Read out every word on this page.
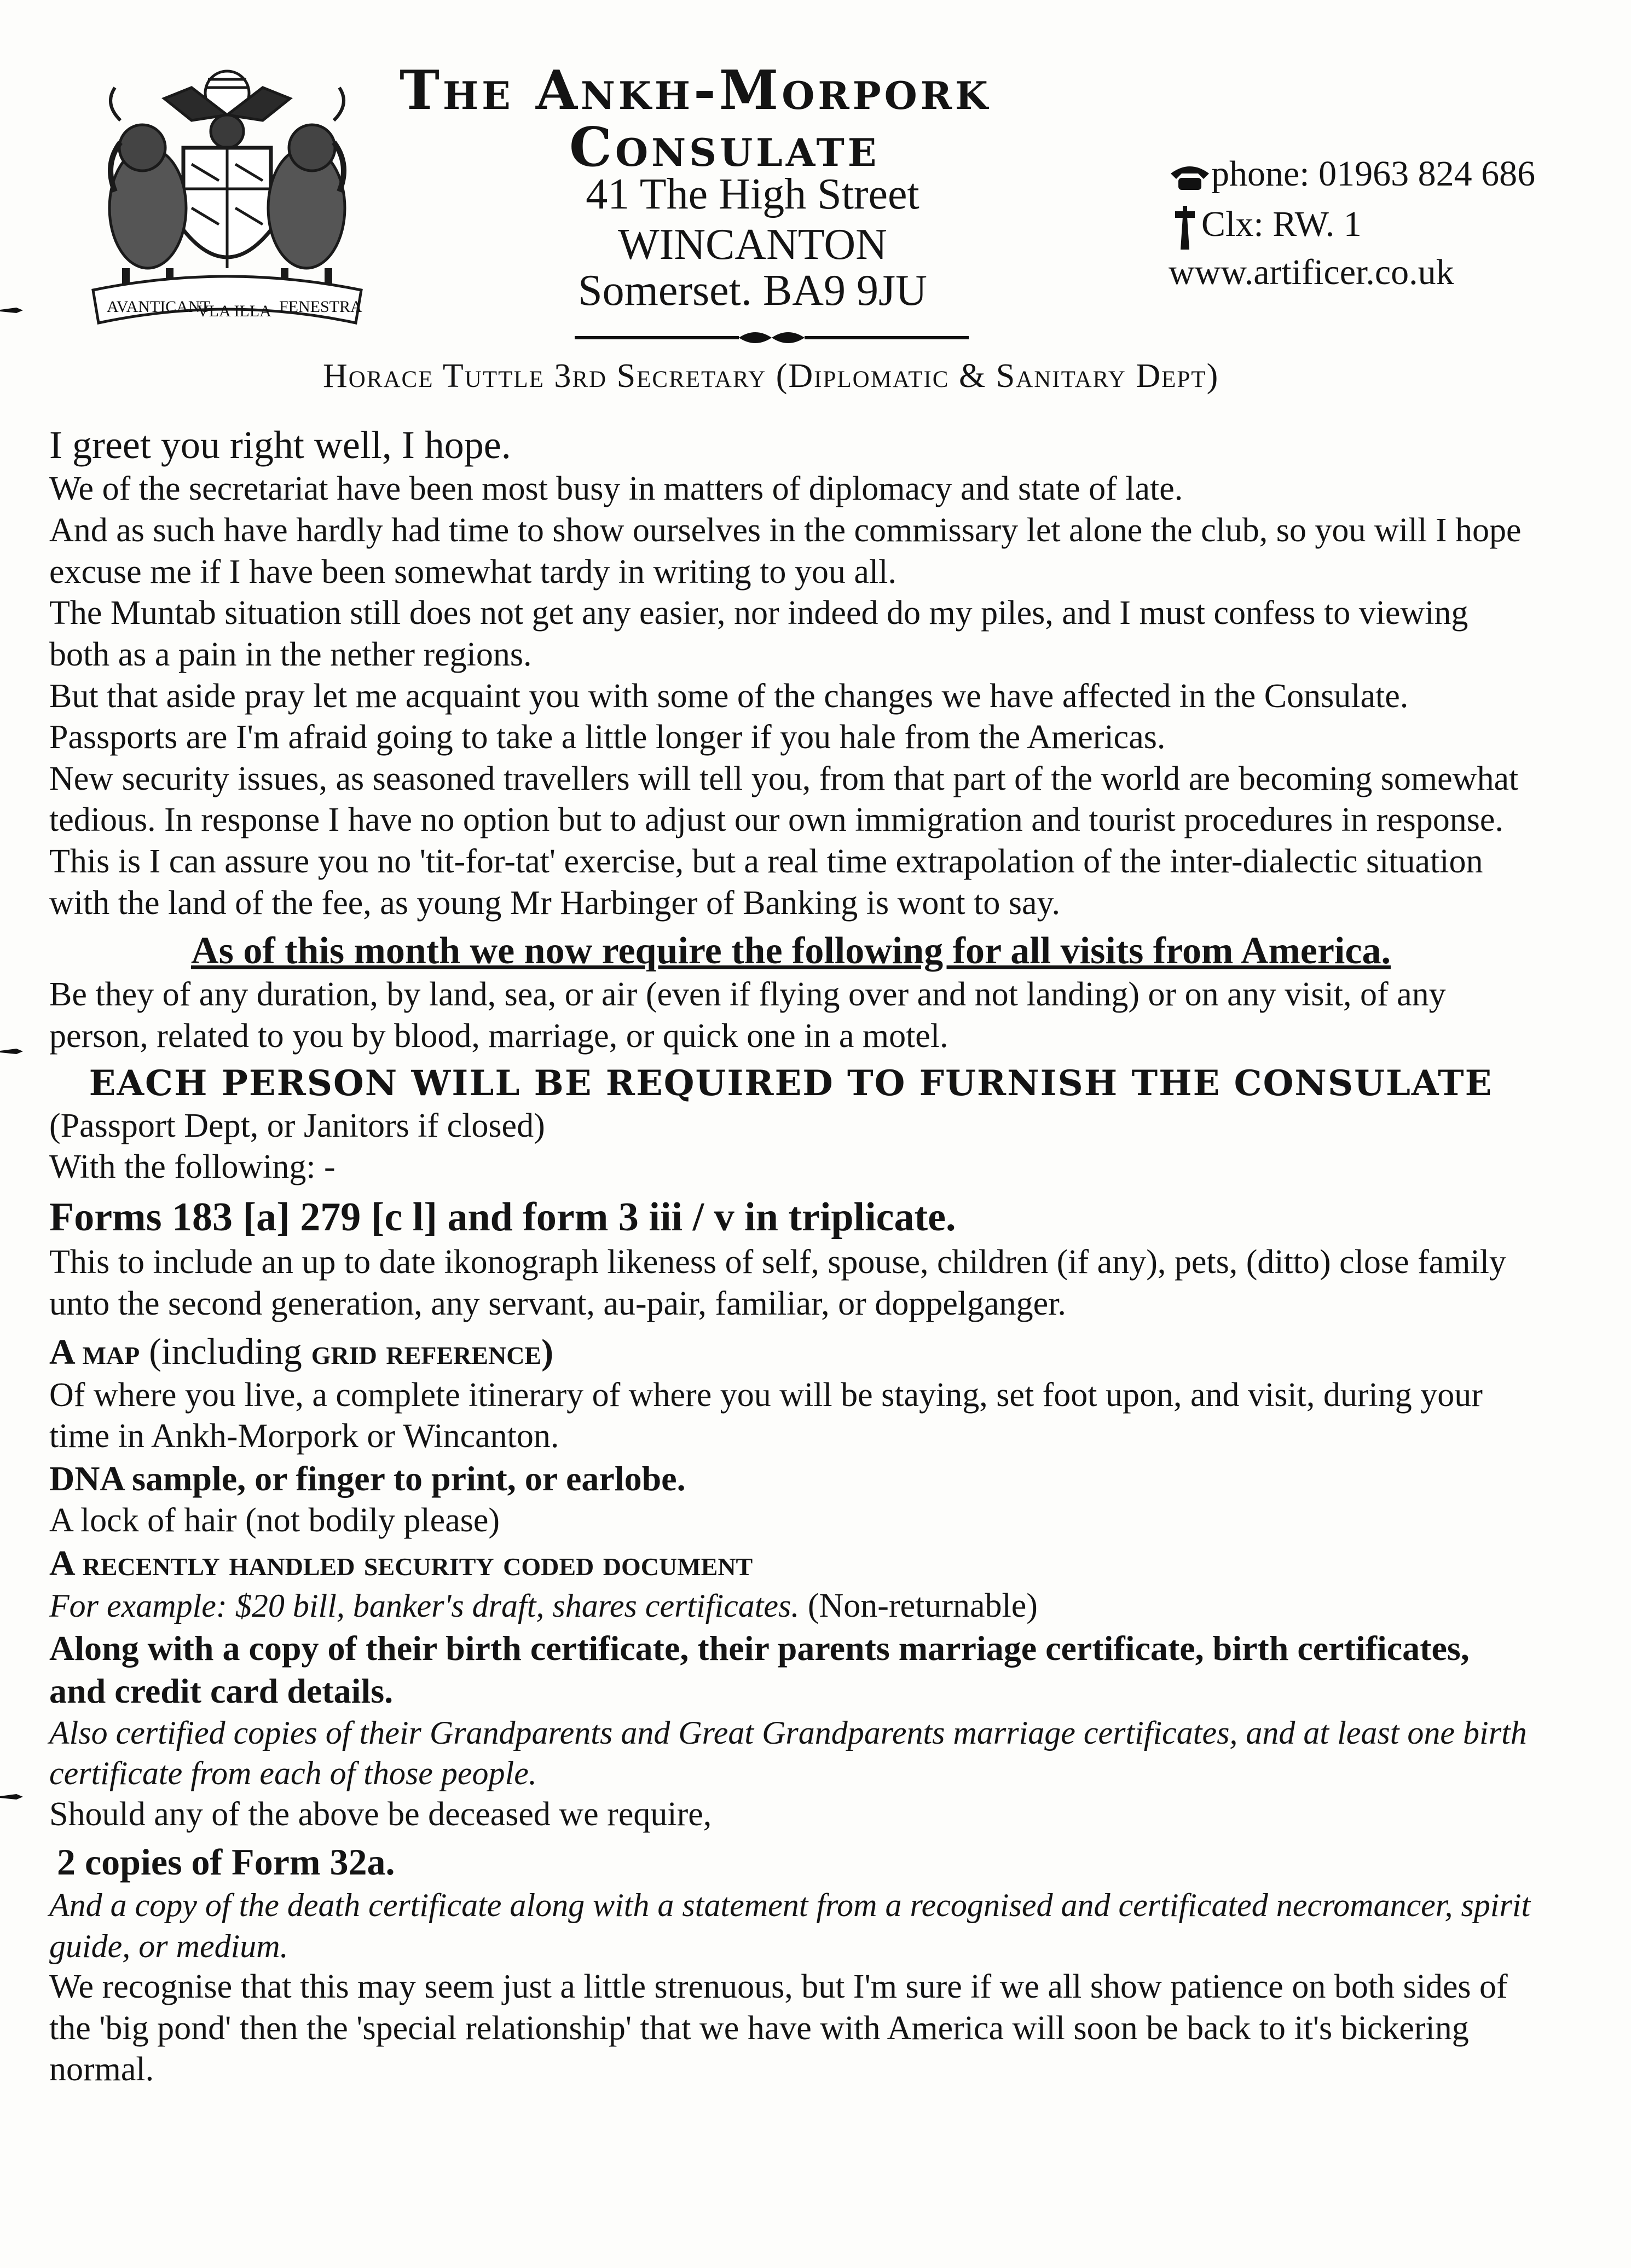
AVANTICANT
VLA ILLA FENESTRA
The Ankh-Morpork
Consulate
41 The High Street
WINCANTON
Somerset. BA9 9JU
phone: 01963 824 686
Clx: RW. 1
www.artificer.co.uk
Horace Tuttle 3rd Secretary (Diplomatic & Sanitary Dept)

I greet you right well, I hope.

We of the secretariat have been most busy in matters of diplomacy and state of late.

And as such have hardly had time to show ourselves in the commissary let alone the club, so you will I hope excuse me if I have been somewhat tardy in writing to you all.

The Muntab situation still does not get any easier, nor indeed do my piles, and I must confess to viewing both as a pain in the nether regions.

But that aside pray let me acquaint you with some of the changes we have affected in the Consulate.

Passports are I'm afraid going to take a little longer if you hale from the Americas.

New security issues, as seasoned travellers will tell you, from that part of the world are becoming somewhat tedious. In response I have no option but to adjust our own immigration and tourist procedures in response.

This is I can assure you no 'tit-for-tat' exercise, but a real time extrapolation of the inter-dialectic situation with the land of the fee, as young Mr Harbinger of Banking is wont to say.

As of this month we now require the following for all visits from America.

Be they of any duration, by land, sea, or air (even if flying over and not landing) or on any visit, of any person, related to you by blood, marriage, or quick one in a motel.

EACH PERSON WILL BE REQUIRED TO FURNISH THE CONSULATE

(Passport Dept, or Janitors if closed)

With the following: -

Forms 183 [a] 279 [c l] and form 3 iii / v in triplicate.

This to include an up to date ikonograph likeness of self, spouse, children (if any), pets, (ditto) close family unto the second generation, any servant, au-pair, familiar, or doppelganger.

A map (including grid reference)

Of where you live, a complete itinerary of where you will be staying, set foot upon, and visit, during your time in Ankh-Morpork or Wincanton.

DNA sample, or finger to print, or earlobe.

A lock of hair (not bodily please)

A recently handled security coded document

For example: $20 bill, banker's draft, shares certificates. (Non-returnable)

Along with a copy of their birth certificate, their parents marriage certificate, birth certificates, and credit card details.

Also certified copies of their Grandparents and Great Grandparents marriage certificates, and at least one birth certificate from each of those people.

Should any of the above be deceased we require,

2 copies of Form 32a.

And a copy of the death certificate along with a statement from a recognised and certificated necromancer, spirit guide, or medium.

We recognise that this may seem just a little strenuous, but I'm sure if we all show patience on both sides of the 'big pond' then the 'special relationship' that we have with America will soon be back to it's bickering normal.
